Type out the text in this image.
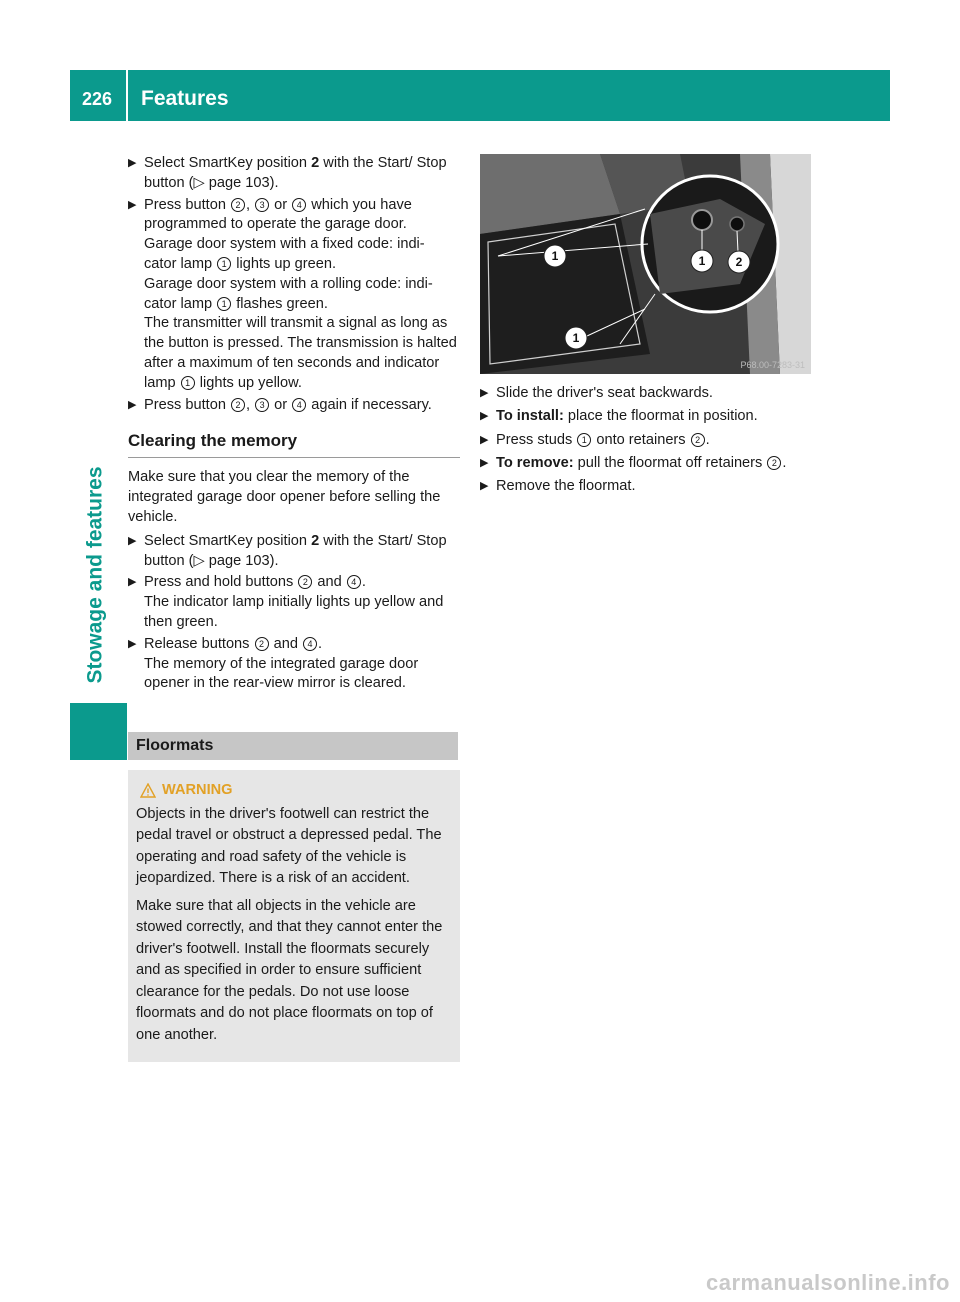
226 Features
Stowage and features
▶ Select SmartKey position 2 with the Start/ Stop button (▷ page 103).

▶ Press button 2 , 3 or 4 which you have programmed to operate the garage door.

Garage door system with a fixed code: indi- cator lamp 1 lights up green.

Garage door system with a rolling code: indi- cator lamp 1 flashes green.

The transmitter will transmit a signal as long as the button is pressed. The transmission is halted after a maximum of ten seconds and indicator lamp 1 lights up yellow.

▶ Press button 2 , 3 or 4 again if necessary.

Clearing the memory

Make sure that you clear the memory of the integrated garage door opener before selling the vehicle.

▶ Select SmartKey position 2 with the Start/ Stop button (▷ page 103).

▶ Press and hold buttons 2 and 4 .

The indicator lamp initially lights up yellow and then green.

▶ Release buttons 2 and 4 .

The memory of the integrated garage door opener in the rear-view mirror is cleared.

Floormats
WARNING

Objects in the driver's footwell can restrict the pedal travel or obstruct a depressed pedal. The operating and road safety of the vehicle is jeopardized. There is a risk of an accident.

Make sure that all objects in the vehicle are stowed correctly, and that they cannot enter the driver's footwell. Install the floormats securely and as specified in order to ensure sufficient clearance for the pedals. Do not use loose floormats and do not place floormats on top of one another.

1
1
1	2
P68.00-7283-31
▶ Slide the driver's seat backwards.

▶ To install: place the floormat in position.

▶ Press studs 1 onto retainers 2 .

▶ To remove: pull the floormat off retainers 2 .

▶ Remove the floormat.

carmanualsonline.info
